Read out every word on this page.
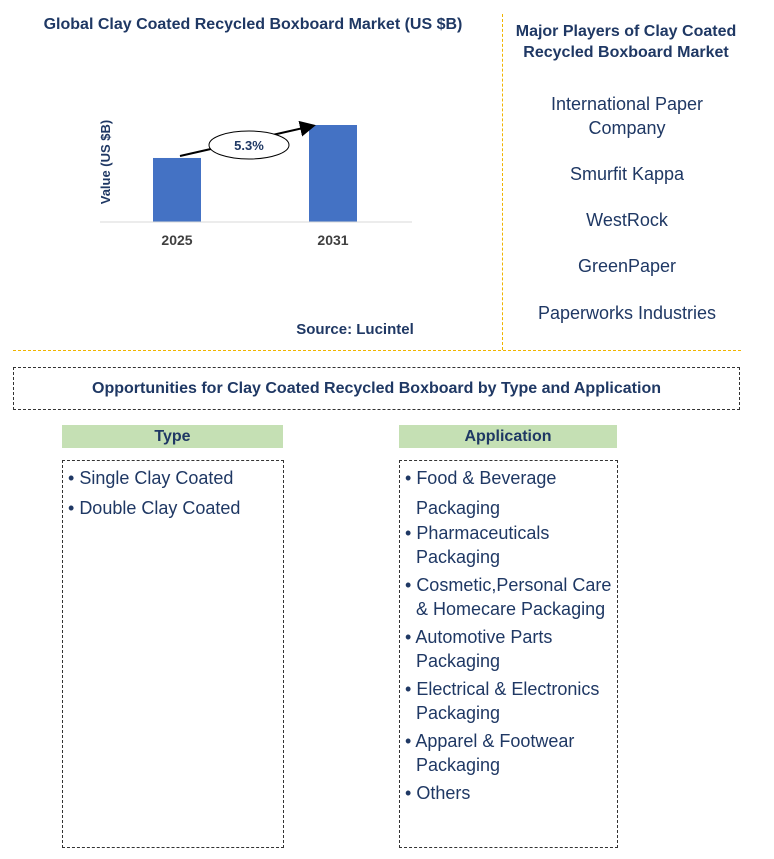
Global Clay Coated Recycled Boxboard Market (US $B)
Value (US $B)
2025	2031
5.3%
Source: Lucintel
Major Players of Clay Coated Recycled Boxboard Market
International Paper Company
Smurfit Kappa
WestRock
GreenPaper
Paperworks Industries
Opportunities for Clay Coated Recycled Boxboard by Type and Application
Type
• Single Clay Coated
• Double Clay Coated
Application
• Food & Beverage Packaging
• Pharmaceuticals Packaging
• Cosmetic,Personal Care & Homecare Packaging
• Automotive Parts Packaging
• Electrical & Electronics Packaging
• Apparel & Footwear Packaging
• Others
